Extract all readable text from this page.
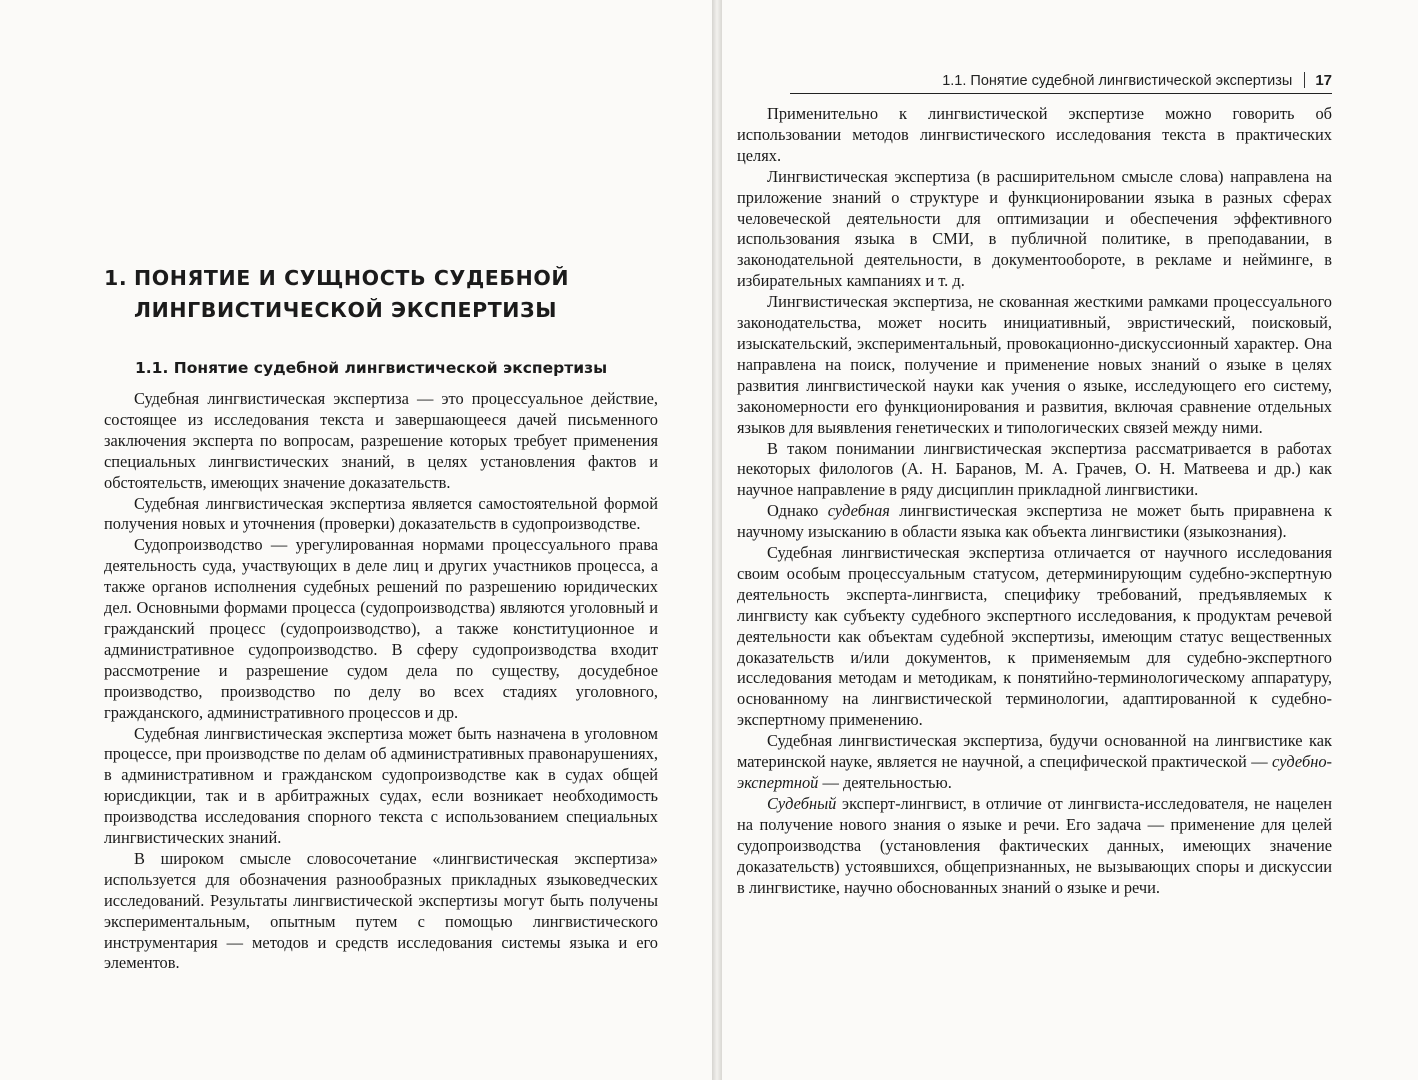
1. ПОНЯТИЕ И СУЩНОСТЬ СУДЕБНОЙ
ЛИНГВИСТИЧЕСКОЙ ЭКСПЕРТИЗЫ
1.1. Понятие судебной лингвистической экспертизы

Судебная лингвистическая экспертиза — это процессуальное действие, состоящее из исследования текста и завершающееся дачей письменного заключения эксперта по вопросам, разрешение которых требует применения специальных лингвистических знаний, в целях установления фактов и обстоятельств, имеющих значение доказательств.

Судебная лингвистическая экспертиза является самостоятельной формой получения новых и уточнения (проверки) доказательств в судопроизводстве.

Судопроизводство — урегулированная нормами процессуального права деятельность суда, участвующих в деле лиц и других участников процесса, а также органов исполнения судебных решений по разрешению юридических дел. Основными формами процесса (судопроизводства) являются уголовный и гражданский процесс (судопроизводство), а также конституционное и административное судопроизводство. В сферу судопроизводства входит рассмотрение и разрешение судом дела по существу, досудебное производство, производство по делу во всех стадиях уголовного, гражданского, административного процессов и др.

Судебная лингвистическая экспертиза может быть назначена в уголовном процессе, при производстве по делам об административных правонарушениях, в административном и гражданском судопроизводстве как в судах общей юрисдикции, так и в арбитражных судах, если возникает необходимость производства исследования спорного текста с использованием специальных лингвистических знаний.

В широком смысле словосочетание «лингвистическая экспертиза» используется для обозначения разнообразных прикладных языковедческих исследований. Результаты лингвистической экспертизы могут быть получены экспериментальным, опытным путем с помощью лингвистического инструментария — методов и средств исследования системы языка и его элементов.

1.1. Понятие судебной лингвистической экспертизы 17

Применительно к лингвистической экспертизе можно говорить об использовании методов лингвистического исследования текста в практических целях.

Лингвистическая экспертиза (в расширительном смысле слова) направлена на приложение знаний о структуре и функционировании языка в разных сферах человеческой деятельности для оптимизации и обеспечения эффективного использования языка в СМИ, в публичной политике, в преподавании, в законодательной деятельности, в документообороте, в рекламе и нейминге, в избирательных кампаниях и т. д.

Лингвистическая экспертиза, не скованная жесткими рамками процессуального законодательства, может носить инициативный, эвристический, поисковый, изыскательский, экспериментальный, провокационно-дискуссионный характер. Она направлена на поиск, получение и применение новых знаний о языке в целях развития лингвистической науки как учения о языке, исследующего его систему, закономерности его функционирования и развития, включая сравнение отдельных языков для выявления генетических и типологических связей между ними.

В таком понимании лингвистическая экспертиза рассматривается в работах некоторых филологов (А. Н. Баранов, М. А. Грачев, О. Н. Матвеева и др.) как научное направление в ряду дисциплин прикладной лингвистики.

Однако судебная лингвистическая экспертиза не может быть приравнена к научному изысканию в области языка как объекта лингвистики (языкознания).

Судебная лингвистическая экспертиза отличается от научного исследования своим особым процессуальным статусом, детерминирующим судебно-экспертную деятельность эксперта-лингвиста, специфику требований, предъявляемых к лингвисту как субъекту судебного экспертного исследования, к продуктам речевой деятельности как объектам судебной экспертизы, имеющим статус вещественных доказательств и/или документов, к применяемым для судебно-экспертного исследования методам и методикам, к понятийно-терминологическому аппаратуру, основанному на лингвистической терминологии, адаптированной к судебно-экспертному применению.

Судебная лингвистическая экспертиза, будучи основанной на лингвистике как материнской науке, является не научной, а специфической практической — судебно-экспертной — деятельностью.

Судебный эксперт-лингвист, в отличие от лингвиста-исследователя, не нацелен на получение нового знания о языке и речи. Его задача — применение для целей судопроизводства (установления фактических данных, имеющих значение доказательств) устоявшихся, общепризнанных, не вызывающих споры и дискуссии в лингвистике, научно обоснованных знаний о языке и речи.
